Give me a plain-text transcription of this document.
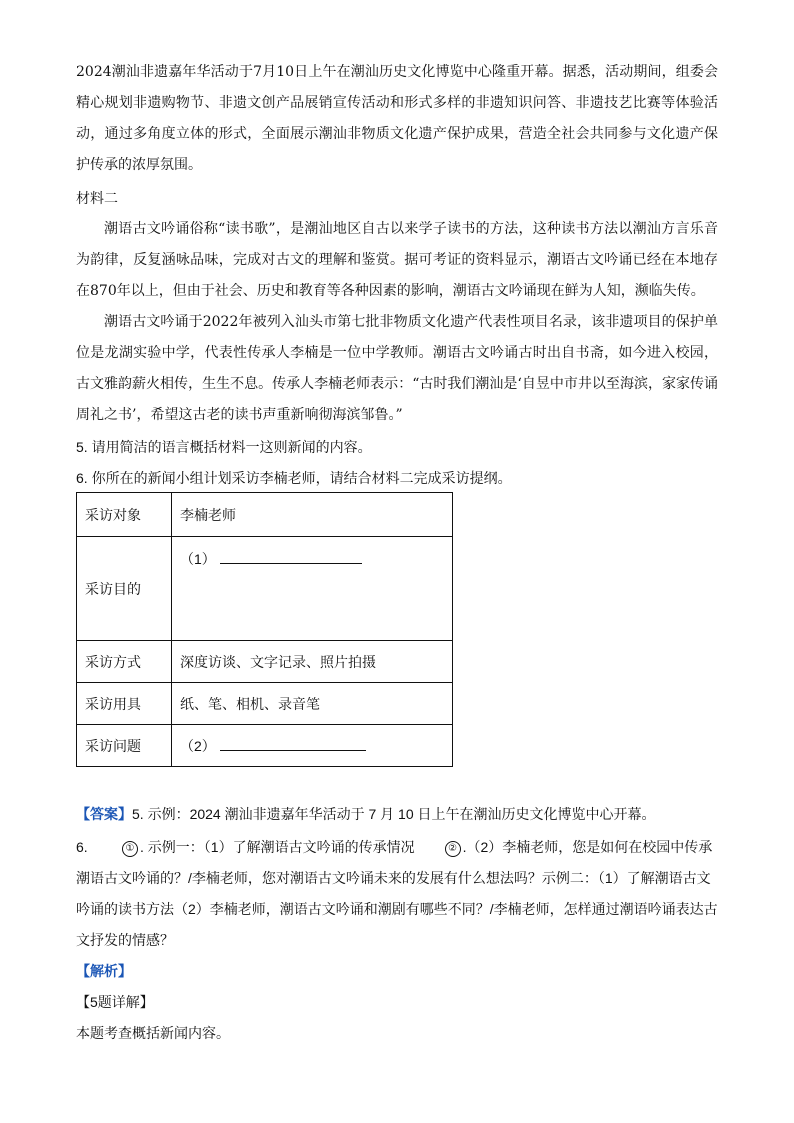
2024潮汕非遗嘉年华活动于7月10日上午在潮汕历史文化博览中心隆重开幕。据悉，活动期间，组委会精心规划非遗购物节、非遗文创产品展销宣传活动和形式多样的非遗知识问答、非遗技艺比赛等体验活动，通过多角度立体的形式，全面展示潮汕非物质文化遗产保护成果，营造全社会共同参与文化遗产保护传承的浓厚氛围。

材料二

潮语古文吟诵俗称“读书歌”，是潮汕地区自古以来学子读书的方法，这种读书方法以潮汕方言乐音为韵律，反复涵咏品味，完成对古文的理解和鉴赏。据可考证的资料显示，潮语古文吟诵已经在本地存在870年以上，但由于社会、历史和教育等各种因素的影响，潮语古文吟诵现在鲜为人知，濒临失传。

潮语古文吟诵于2022年被列入汕头市第七批非物质文化遗产代表性项目名录，该非遗项目的保护单位是龙湖实验中学，代表性传承人李楠是一位中学教师。潮语古文吟诵古时出自书斋，如今进入校园，古文雅韵薪火相传，生生不息。传承人李楠老师表示：“古时我们潮汕是‘自昱中市井以至海滨，家家传诵周礼之书’，希望这古老的读书声重新响彻海滨邹鲁。”

5. 请用简洁的语言概括材料一这则新闻的内容。

6. 你所在的新闻小组计划采访李楠老师，请结合材料二完成采访提纲。

采访对象	李楠老师
采访目的	（1）
采访方式	深度访谈、文字记录、照片拍摄
采访用具	纸、笔、相机、录音笔
采访问题	（2）

【答案】5. 示例：2024 潮汕非遗嘉年华活动于 7 月 10 日上午在潮汕历史文化博览中心开幕。

6.	① . 示例一：（1）了解潮语古文吟诵的传承情况	② .（2）李楠老师，您是如何在校园中传承潮语古文吟诵的？/李楠老师，您对潮语古文吟诵未来的发展有什么想法吗？示例二：（1）了解潮语古文吟诵的读书方法（2）李楠老师，潮语古文吟诵和潮剧有哪些不同？/李楠老师，怎样通过潮语吟诵表达古文抒发的情感？

【解析】

【5题详解】

本题考查概括新闻内容。
